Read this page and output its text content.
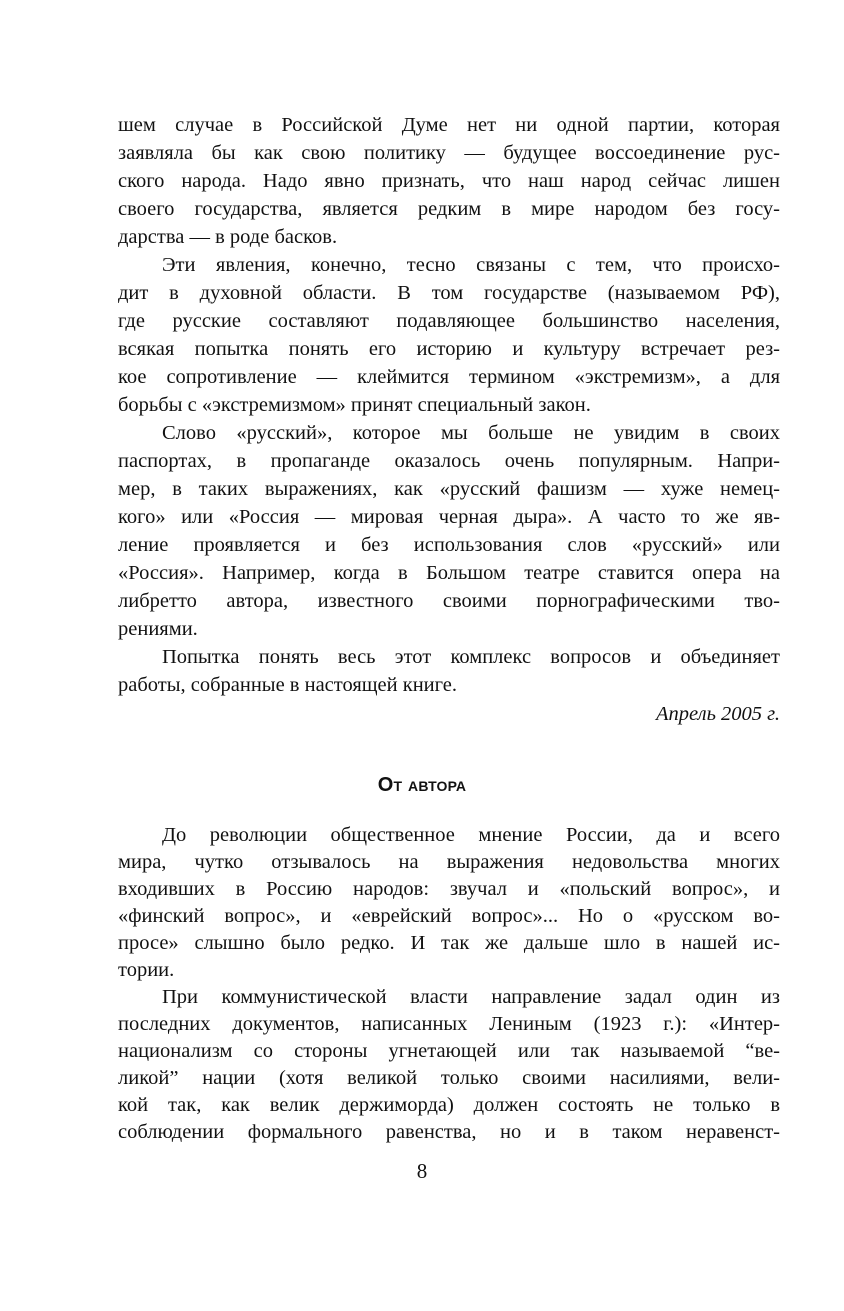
шем случае в Российской Думе нет ни одной партии, которая
заявляла бы как свою политику — будущее воссоединение рус-
ского народа. Надо явно признать, что наш народ сейчас лишен
своего государства, является редким в мире народом без госу-
дарства — в роде басков.
Эти явления, конечно, тесно связаны с тем, что происхо-
дит в духовной области. В том государстве (называемом РФ),
где русские составляют подавляющее большинство населения,
всякая попытка понять его историю и культуру встречает рез-
кое сопротивление — клеймится термином «экстремизм», а для
борьбы с «экстремизмом» принят специальный закон.
Слово «русский», которое мы больше не увидим в своих
паспортах, в пропаганде оказалось очень популярным. Напри-
мер, в таких выражениях, как «русский фашизм — хуже немец-
кого» или «Россия — мировая черная дыра». А часто то же яв-
ление проявляется и без использования слов «русский» или
«Россия». Например, когда в Большом театре ставится опера на
либретто автора, известного своими порнографическими тво-
рениями.
Попытка понять весь этот комплекс вопросов и объединяет
работы, собранные в настоящей книге.
Апрель 2005 г.
От автора
До революции общественное мнение России, да и всего
мира, чутко отзывалось на выражения недовольства многих
входивших в Россию народов: звучал и «польский вопрос», и
«финский вопрос», и «еврейский вопрос»... Но о «русском во-
просе» слышно было редко. И так же дальше шло в нашей ис-
тории.
При коммунистической власти направление задал один из
последних документов, написанных Лениным (1923 г.): «Интер-
национализм со стороны угнетающей или так называемой “ве-
ликой” нации (хотя великой только своими насилиями, вели-
кой так, как велик держиморда) должен состоять не только в
соблюдении формального равенства, но и в таком неравенст-
8
